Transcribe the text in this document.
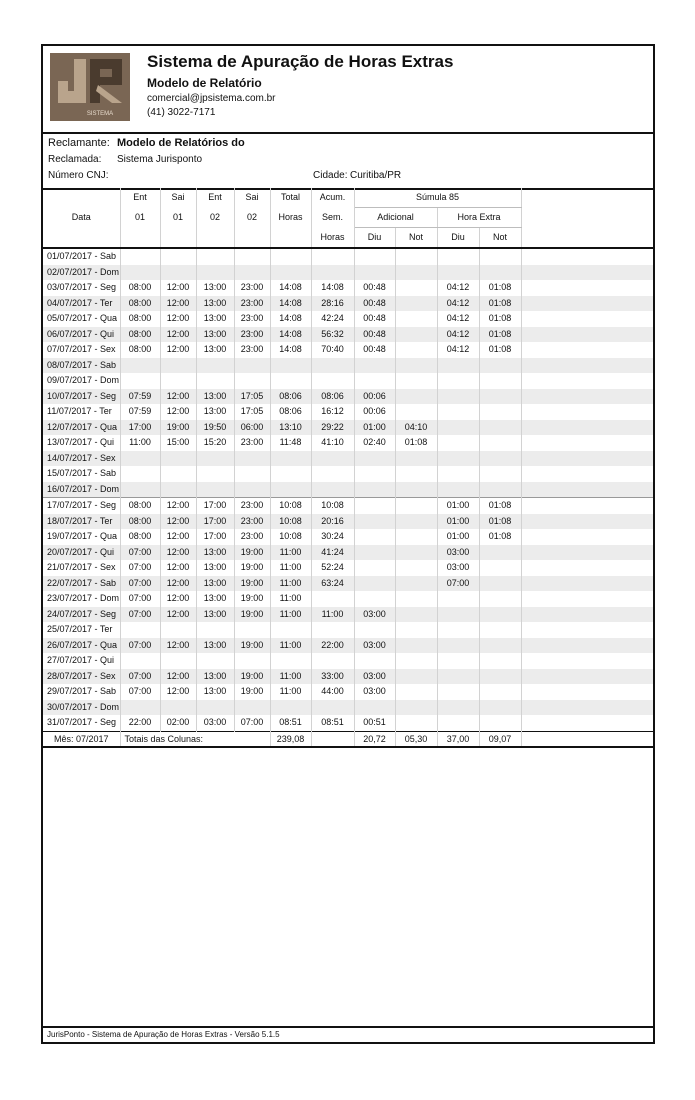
SISTEMA
Sistema de Apuração de Horas Extras
Modelo de Relatório
comercial@jpsistema.com.br
(41) 3022-7171
Reclamante: Modelo de Relatórios do
Reclamada: Sistema Jurisponto
Número CNJ:	Cidade: Curitiba/PR
	Ent	Sai	Ent	Sai	Total	Acum.	Súmula 85				
Data	01	01	02	02	Horas	Sem.	Adicional		Hora Extra		
						Horas	Diu	Not	Diu	Not	
01/07/2017 - Sab											
02/07/2017 - Dom											
03/07/2017 - Seg	08:00	12:00	13:00	23:00	14:08	14:08	00:48		04:12	01:08	
04/07/2017 - Ter	08:00	12:00	13:00	23:00	14:08	28:16	00:48		04:12	01:08	
05/07/2017 - Qua	08:00	12:00	13:00	23:00	14:08	42:24	00:48		04:12	01:08	
06/07/2017 - Qui	08:00	12:00	13:00	23:00	14:08	56:32	00:48		04:12	01:08	
07/07/2017 - Sex	08:00	12:00	13:00	23:00	14:08	70:40	00:48		04:12	01:08	
08/07/2017 - Sab											
09/07/2017 - Dom											
10/07/2017 - Seg	07:59	12:00	13:00	17:05	08:06	08:06	00:06				
11/07/2017 - Ter	07:59	12:00	13:00	17:05	08:06	16:12	00:06				
12/07/2017 - Qua	17:00	19:00	19:50	06:00	13:10	29:22	01:00	04:10			
13/07/2017 - Qui	11:00	15:00	15:20	23:00	11:48	41:10	02:40	01:08			
14/07/2017 - Sex											
15/07/2017 - Sab											
16/07/2017 - Dom											
17/07/2017 - Seg	08:00	12:00	17:00	23:00	10:08	10:08			01:00	01:08	
18/07/2017 - Ter	08:00	12:00	17:00	23:00	10:08	20:16			01:00	01:08	
19/07/2017 - Qua	08:00	12:00	17:00	23:00	10:08	30:24			01:00	01:08	
20/07/2017 - Qui	07:00	12:00	13:00	19:00	11:00	41:24			03:00		
21/07/2017 - Sex	07:00	12:00	13:00	19:00	11:00	52:24			03:00		
22/07/2017 - Sab	07:00	12:00	13:00	19:00	11:00	63:24			07:00		
23/07/2017 - Dom	07:00	12:00	13:00	19:00	11:00						
24/07/2017 - Seg	07:00	12:00	13:00	19:00	11:00	11:00	03:00				
25/07/2017 - Ter											
26/07/2017 - Qua	07:00	12:00	13:00	19:00	11:00	22:00	03:00				
27/07/2017 - Qui											
28/07/2017 - Sex	07:00	12:00	13:00	19:00	11:00	33:00	03:00				
29/07/2017 - Sab	07:00	12:00	13:00	19:00	11:00	44:00	03:00				
30/07/2017 - Dom											
31/07/2017 - Seg	22:00	02:00	03:00	07:00	08:51	08:51	00:51				
Mês: 07/2017	Totais das Colunas:				239,08		20,72	05,30	37,00	09,07	
JurisPonto - Sistema de Apuração de Horas Extras - Versão 5.1.5
